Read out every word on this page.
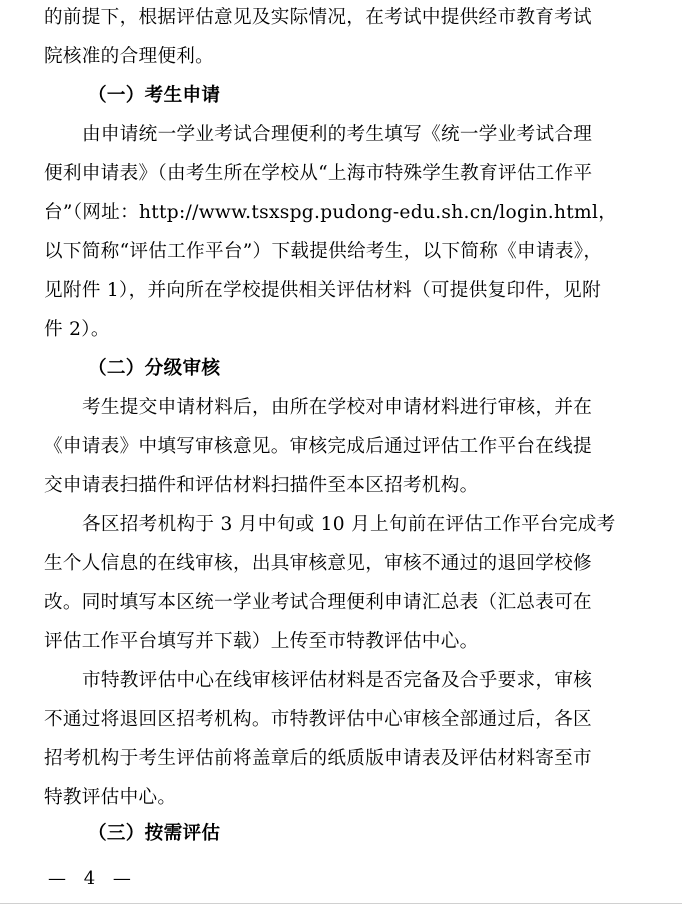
的前提下，根据评估意见及实际情况，在考试中提供经市教育考试
院核准的合理便利。
（一）考生申请
由申请统一学业考试合理便利的考生填写《统一学业考试合理
便利申请表》（由考生所在学校从“上海市特殊学生教育评估工作平
台”（网址：http://www.tsxspg.pudong-edu.sh.cn/login.html，
以下简称“评估工作平台”）下载提供给考生，以下简称《申请表》，
见附件 1），并向所在学校提供相关评估材料（可提供复印件，见附
件 2）。
（二）分级审核
考生提交申请材料后，由所在学校对申请材料进行审核，并在
《申请表》中填写审核意见。审核完成后通过评估工作平台在线提
交申请表扫描件和评估材料扫描件至本区招考机构。
各区招考机构于 3 月中旬或 10 月上旬前在评估工作平台完成考
生个人信息的在线审核，出具审核意见，审核不通过的退回学校修
改。同时填写本区统一学业考试合理便利申请汇总表（汇总表可在
评估工作平台填写并下载）上传至市特教评估中心。
市特教评估中心在线审核评估材料是否完备及合乎要求，审核
不通过将退回区招考机构。市特教评估中心审核全部通过后，各区
招考机构于考生评估前将盖章后的纸质版申请表及评估材料寄至市
特教评估中心。
（三）按需评估
— 4 —
